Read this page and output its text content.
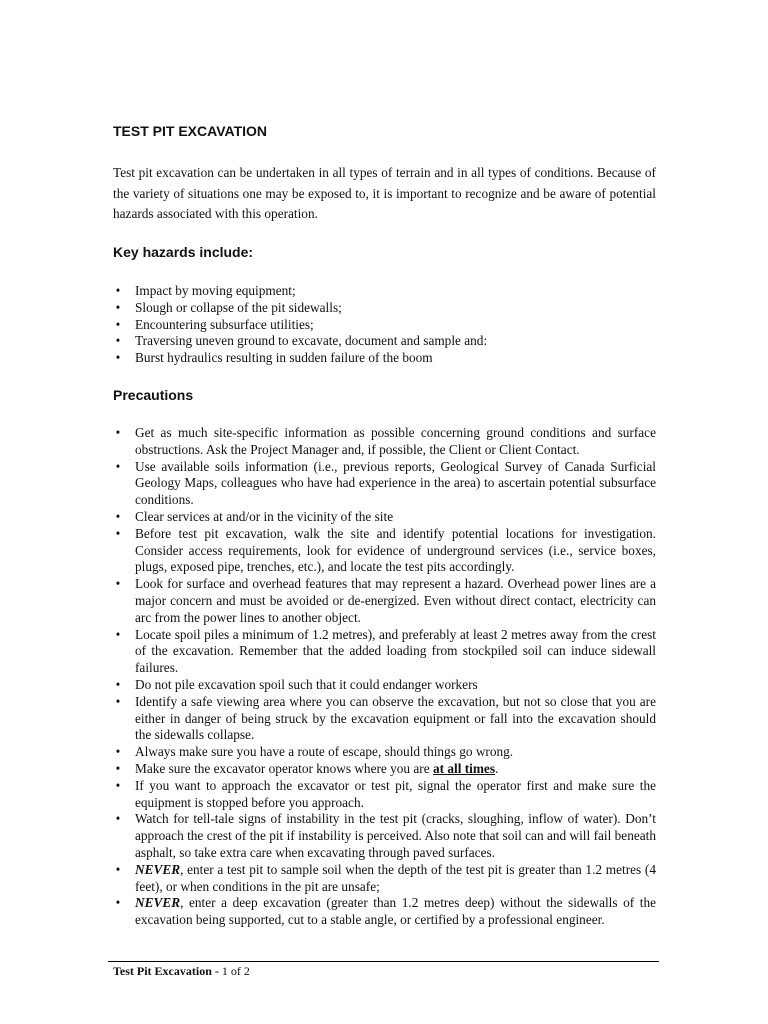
TEST PIT EXCAVATION

Test pit excavation can be undertaken in all types of terrain and in all types of conditions. Because of the variety of situations one may be exposed to, it is important to recognize and be aware of potential hazards associated with this operation.

Key hazards include:
• Impact by moving equipment;
• Slough or collapse of the pit sidewalls;
• Encountering subsurface utilities;
• Traversing uneven ground to excavate, document and sample and:
• Burst hydraulics resulting in sudden failure of the boom
Precautions
• Get as much site-specific information as possible concerning ground conditions and surface obstructions. Ask the Project Manager and, if possible, the Client or Client Contact.
• Use available soils information (i.e., previous reports, Geological Survey of Canada Surficial Geology Maps, colleagues who have had experience in the area) to ascertain potential subsurface conditions.
• Clear services at and/or in the vicinity of the site
• Before test pit excavation, walk the site and identify potential locations for investigation. Consider access requirements, look for evidence of underground services (i.e., service boxes, plugs, exposed pipe, trenches, etc.), and locate the test pits accordingly.
• Look for surface and overhead features that may represent a hazard. Overhead power lines are a major concern and must be avoided or de-energized. Even without direct contact, electricity can arc from the power lines to another object.
• Locate spoil piles a minimum of 1.2 metres), and preferably at least 2 metres away from the crest of the excavation. Remember that the added loading from stockpiled soil can induce sidewall failures.
• Do not pile excavation spoil such that it could endanger workers
• Identify a safe viewing area where you can observe the excavation, but not so close that you are either in danger of being struck by the excavation equipment or fall into the excavation should the sidewalls collapse.
• Always make sure you have a route of escape, should things go wrong.
• Make sure the excavator operator knows where you are at all times.
• If you want to approach the excavator or test pit, signal the operator first and make sure the equipment is stopped before you approach.
• Watch for tell-tale signs of instability in the test pit (cracks, sloughing, inflow of water). Don’t approach the crest of the pit if instability is perceived. Also note that soil can and will fail beneath asphalt, so take extra care when excavating through paved surfaces.
• NEVER, enter a test pit to sample soil when the depth of the test pit is greater than 1.2 metres (4 feet), or when conditions in the pit are unsafe;
• NEVER, enter a deep excavation (greater than 1.2 metres deep) without the sidewalls of the excavation being supported, cut to a stable angle, or certified by a professional engineer.

Test Pit Excavation - 1 of 2
